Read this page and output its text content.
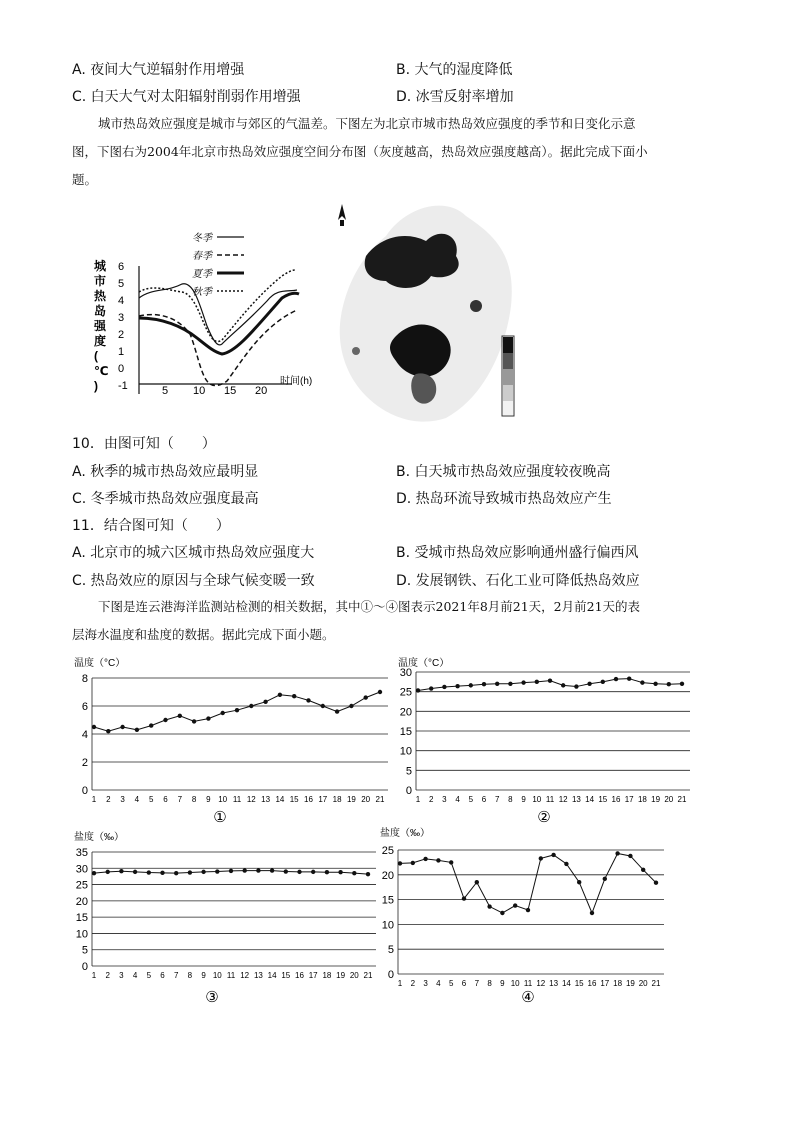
A. 夜间大气逆辐射作用增强	B. 大气的湿度降低
C. 白天大气对太阳辐射削弱作用增强	D. 冰雪反射率增加
城市热岛效应强度是城市与郊区的气温差。下图左为北京市城市热岛效应强度的季节和日变化示意
图，下图右为2004年北京市热岛效应强度空间分布图（灰度越高，热岛效应强度越高）。据此完成下面小
题。
城市热岛强度( ℃ )
6
5
4
3
2
1
0
-1	5 10 15 20
时间(h)
冬季
春季
夏季
秋季
10．由图可知（　　）
A. 秋季的城市热岛效应最明显	B. 白天城市热岛效应强度较夜晚高
C. 冬季城市热岛效应强度最高	D. 热岛环流导致城市热岛效应产生
11．结合图可知（　　）
A. 北京市的城六区城市热岛效应强度大	B. 受城市热岛效应影响通州盛行偏西风
C. 热岛效应的原因与全球气候变暖一致	D. 发展钢铁、石化工业可降低热岛效应
下图是连云港海洋监测站检测的相关数据，其中①～④图表示2021年8月前21天，2月前21天的表
层海水温度和盐度的数据。据此完成下面小题。
温度（°C）
0
2
4
6
8
1 2 3 4 5 6 7 8 9 10 11 12 13 14 15 16 17 18 19 20 21
①
温度（°C）
0
5
10
15
20
25
30
1 2 3 4 5 6 7 8 9 10 11 12 13 14 15 16 17 18 19 20 21
②
盐度（‰）
0
5
10
15
20
25
30
35
1 2 3 4 5 6 7 8 9 10 11 12 13 14 15 16 17 18 19 20 21
③
盐度（‰）
0
5
10
15
20
25
1 2 3 4 5 6 7 8 9 10 11 12 13 14 15 16 17 18 19 20 21
④
